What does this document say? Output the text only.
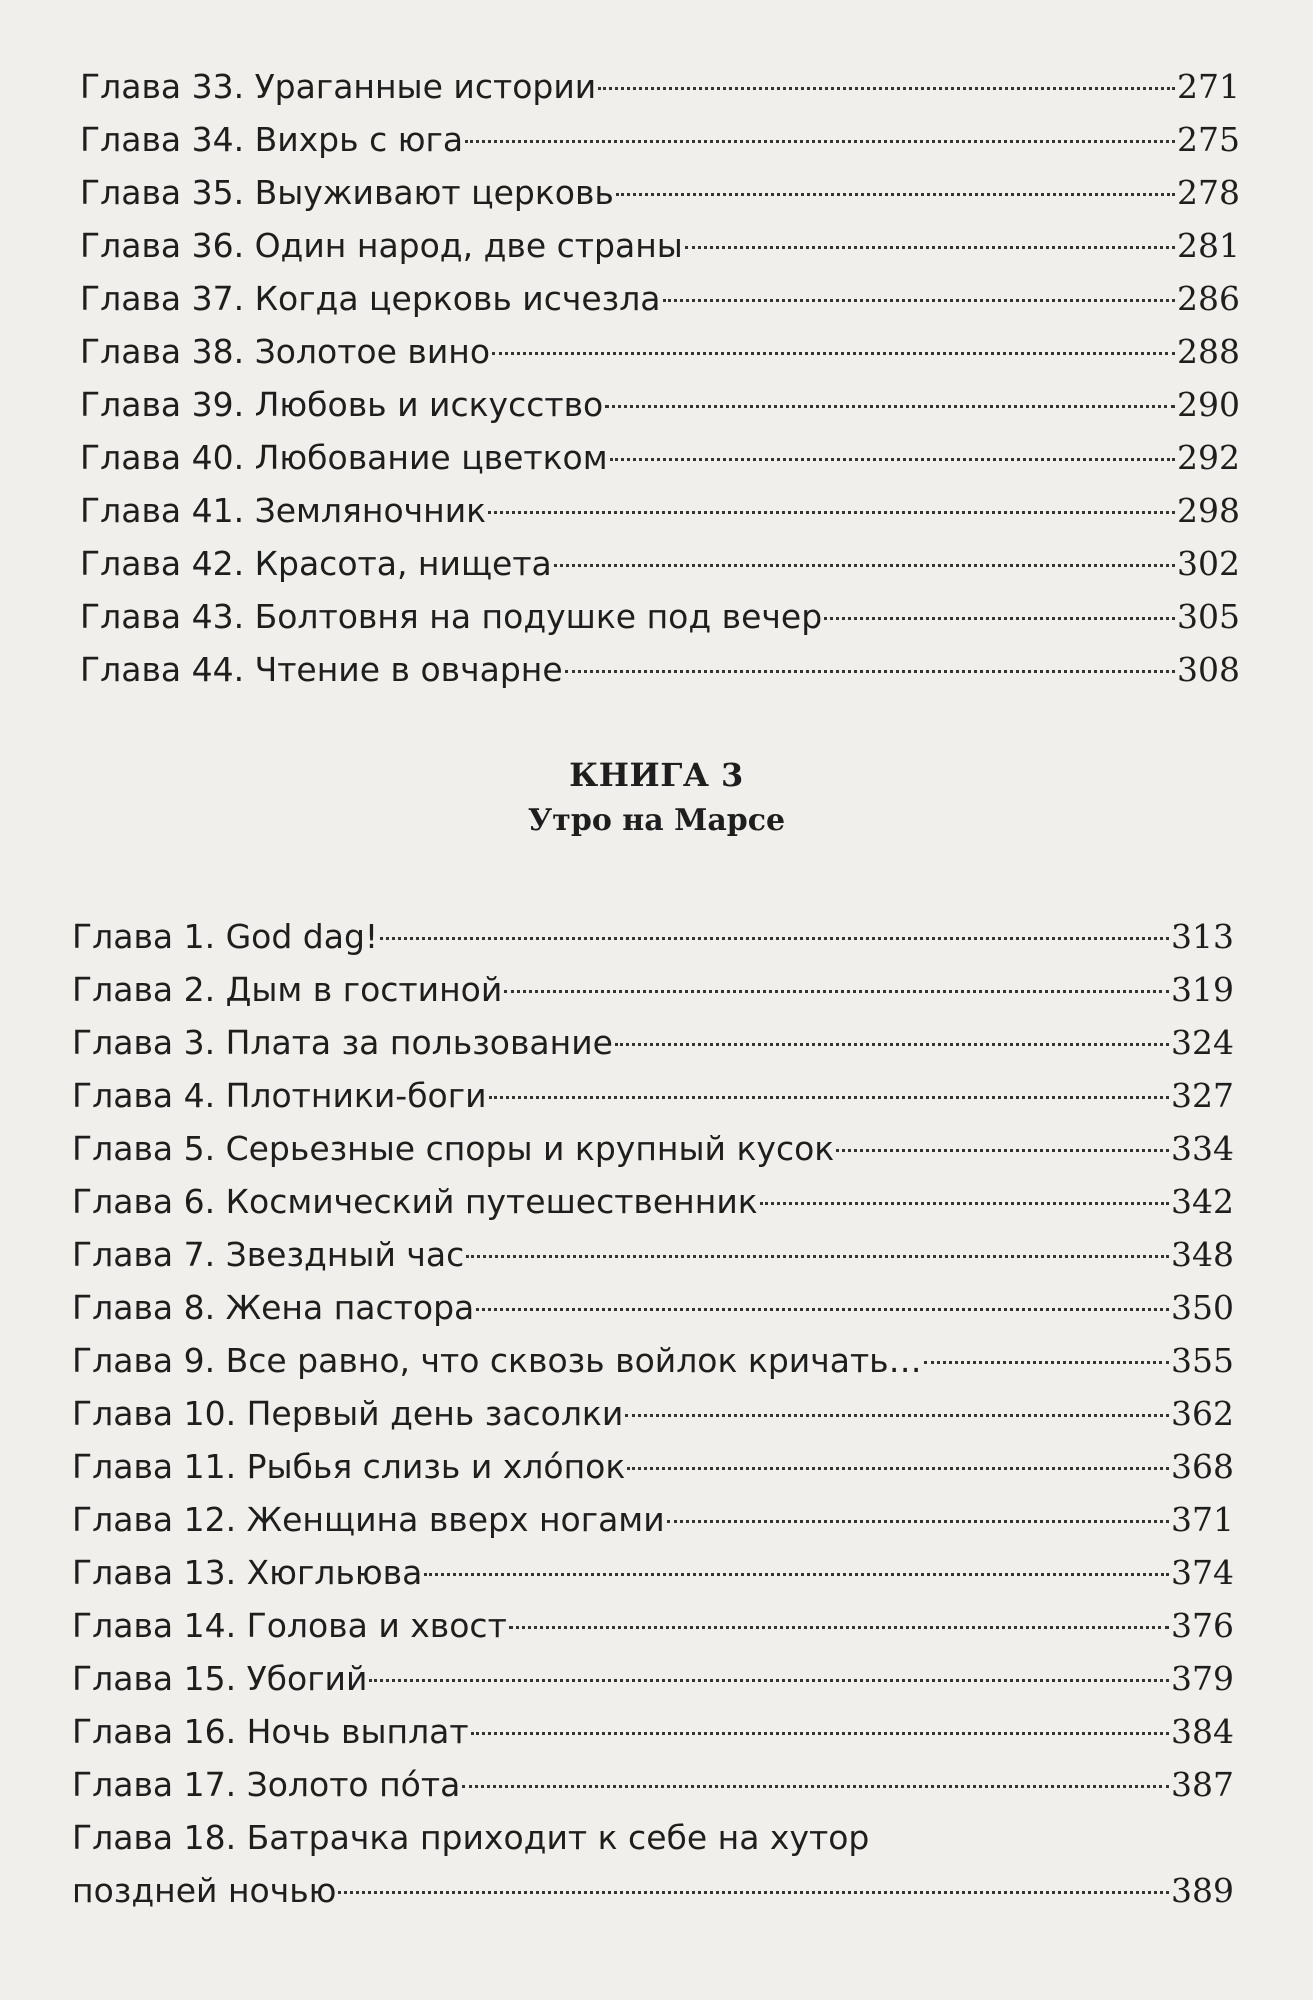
Глава 33. Ураганные истории	271
Глава 34. Вихрь с юга	275
Глава 35. Выуживают церковь	278
Глава 36. Один народ, две страны	281
Глава 37. Когда церковь исчезла	286
Глава 38. Золотое вино	288
Глава 39. Любовь и искусство	290
Глава 40. Любование цветком	292
Глава 41. Земляночник	298
Глава 42. Красота, нищета	302
Глава 43. Болтовня на подушке под вечер	305
Глава 44. Чтение в овчарне	308
КНИГА 3
Утро на Марсе
Глава 1. God dag!	313
Глава 2. Дым в гостиной	319
Глава 3. Плата за пользование	324
Глава 4. Плотники-боги	327
Глава 5. Серьезные споры и крупный кусок	334
Глава 6. Космический путешественник	342
Глава 7. Звездный час	348
Глава 8. Жена пастора	350
Глава 9. Все равно, что сквозь войлок кричать…	355
Глава 10. Первый день засолки	362
Глава 11. Рыбья слизь и хлóпок	368
Глава 12. Женщина вверх ногами	371
Глава 13. Хюгльюва	374
Глава 14. Голова и хвост	376
Глава 15. Убогий	379
Глава 16. Ночь выплат	384
Глава 17. Золото пóта	387
Глава 18. Батрачка приходит к себе на хутор
поздней ночью	389
